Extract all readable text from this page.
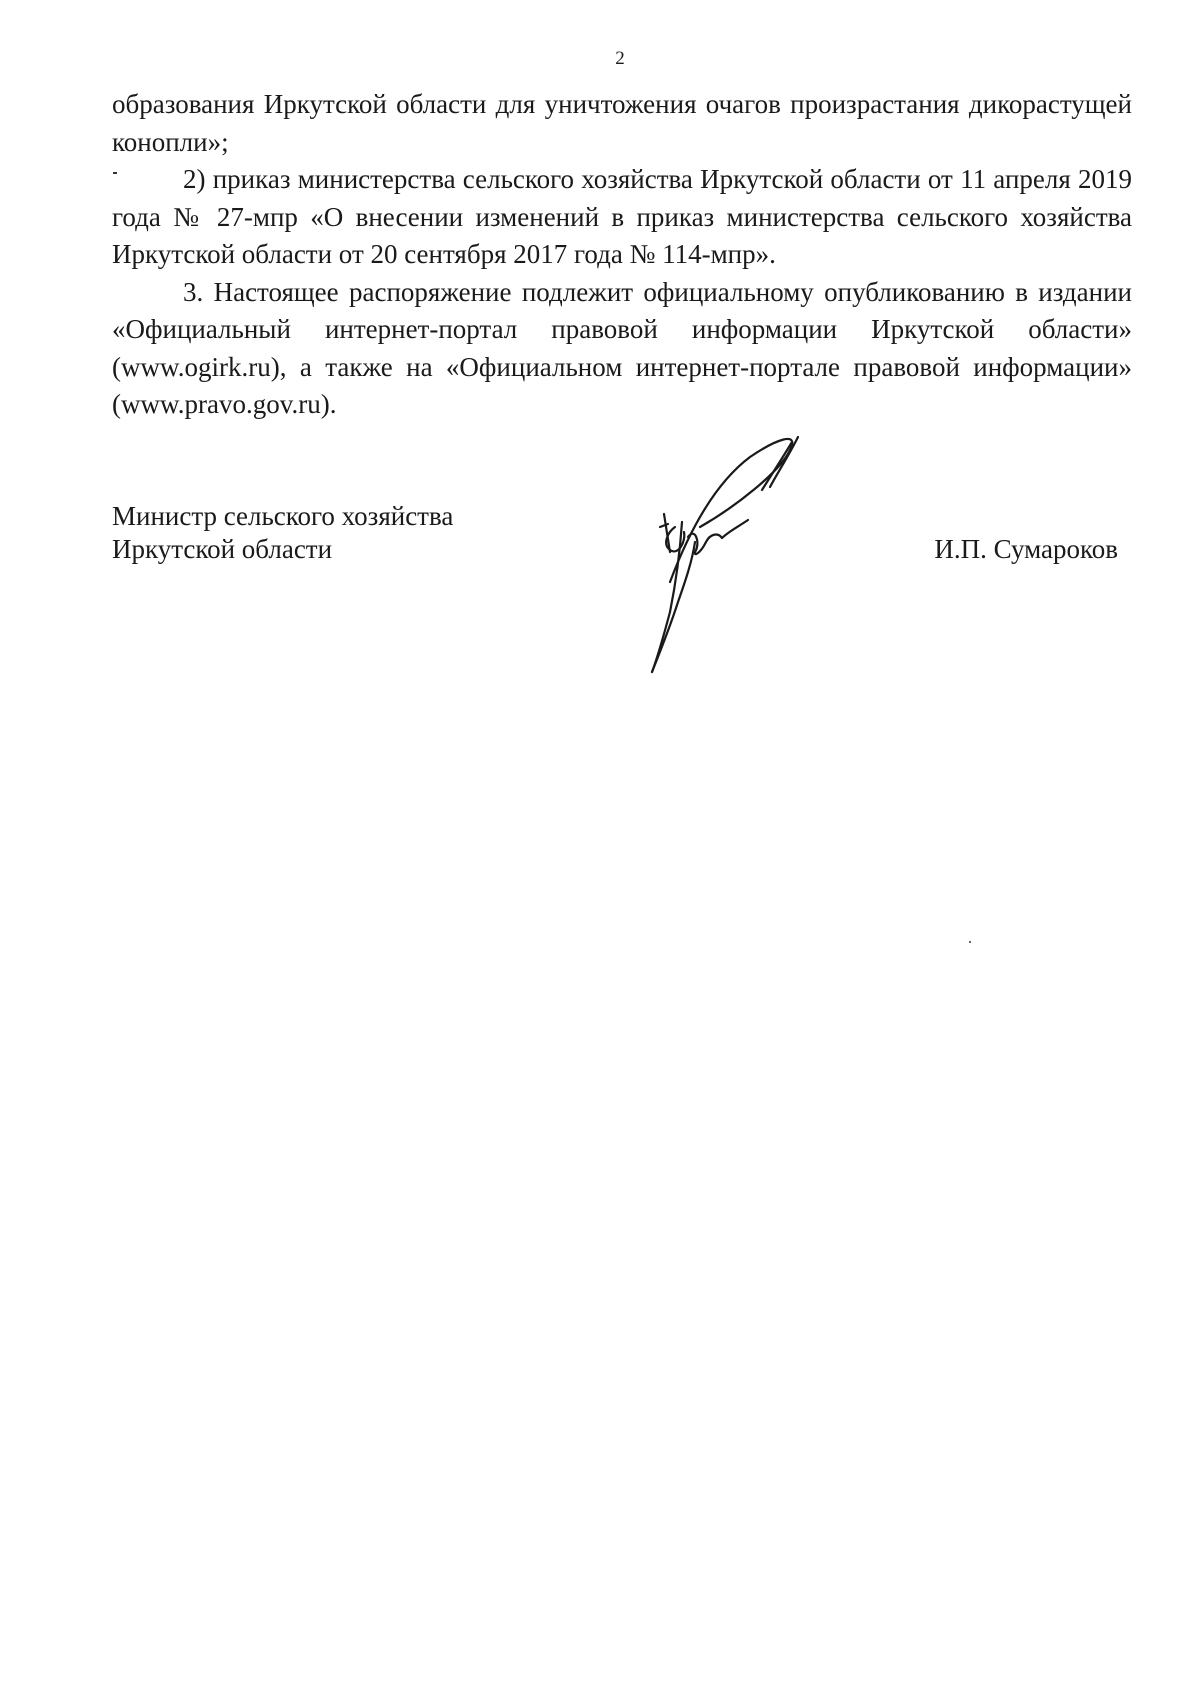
2

образования Иркутской области для уничтожения очагов произрастания дикорастущей конопли»;

2) приказ министерства сельского хозяйства Иркутской области от 11 апреля 2019 года № 27-мпр «О внесении изменений в приказ министерства сельского хозяйства Иркутской области от 20 сентября 2017 года № 114-мпр».

3. Настоящее распоряжение подлежит официальному опубликованию в издании «Официальный интернет-портал правовой информации Иркутской области» (www.ogirk.ru), а также на «Официальном интернет-портале правовой информации» (www.pravo.gov.ru).

Министр сельского хозяйства
Иркутской области	И.П. Сумароков
